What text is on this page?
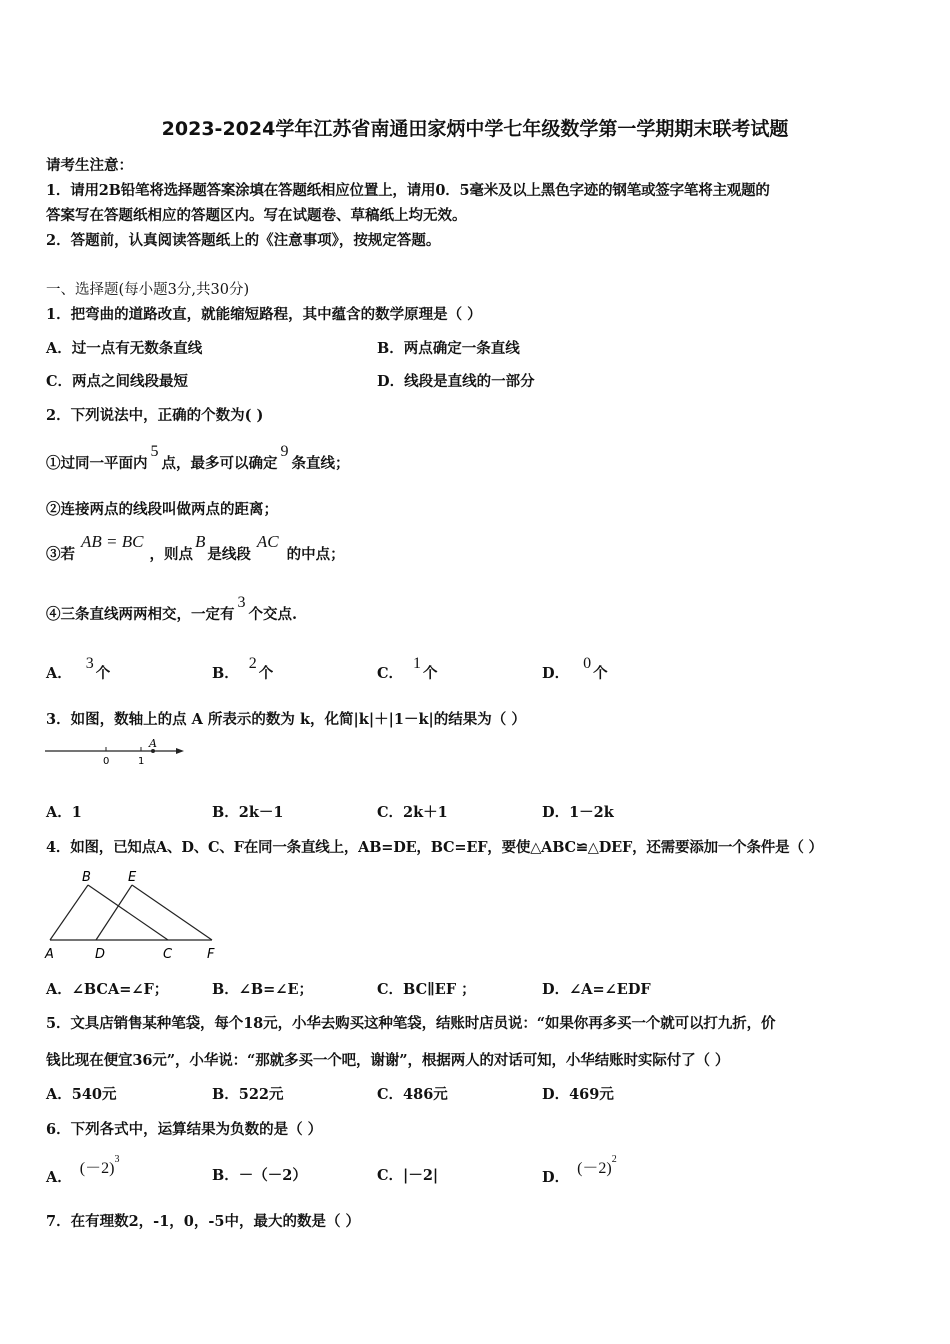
2023-2024学年江苏省南通田家炳中学七年级数学第一学期期末联考试题
请考生注意：
1．请用2B铅笔将选择题答案涂填在答题纸相应位置上，请用0．5毫米及以上黑色字迹的钢笔或签字笔将主观题的
答案写在答题纸相应的答题区内。写在试题卷、草稿纸上均无效。
2．答题前，认真阅读答题纸上的《注意事项》，按规定答题。
一、选择题(每小题3分,共30分)
1．把弯曲的道路改直，就能缩短路程，其中蕴含的数学原理是（ ）
A．过一点有无数条直线	B．两点确定一条直线
C．两点之间线段最短	D．线段是直线的一部分
2．下列说法中，正确的个数为( )
①过同一平面内5点，最多可以确定9条直线；
②连接两点的线段叫做两点的距离；
③若AB = BC，则点B是线段AC的中点；
④三条直线两两相交，一定有3个交点.
A．3个	B．2个	C．1个	D．0个
3．如图，数轴上的点 A 所表示的数为 k，化简|k|＋|1－k|的结果为（ ）
0	1
A
A．1	B．2k－1	C．2k＋1	D．1－2k
4．如图，已知点A、D、C、F在同一条直线上，AB=DE，BC=EF，要使△ABC≌△DEF，还需要添加一个条件是（ ）
B	E
A	D	C	F
A．∠BCA=∠F；	B．∠B=∠E；	C．BC∥EF ；	D．∠A=∠EDF
5．文具店销售某种笔袋，每个18元，小华去购买这种笔袋，结账时店员说：“如果你再多买一个就可以打九折，价
钱比现在便宜36元”，小华说：“那就多买一个吧，谢谢”，根据两人的对话可知，小华结账时实际付了（ ）
A．540元	B．522元	C．486元	D．469元
6．下列各式中，运算结果为负数的是（ ）
A．$(-2)^3$
B．－（－2）	C．|－2|	D．$(-2)^2$
7．在有理数2，-1，0，-5中，最大的数是（ ）
